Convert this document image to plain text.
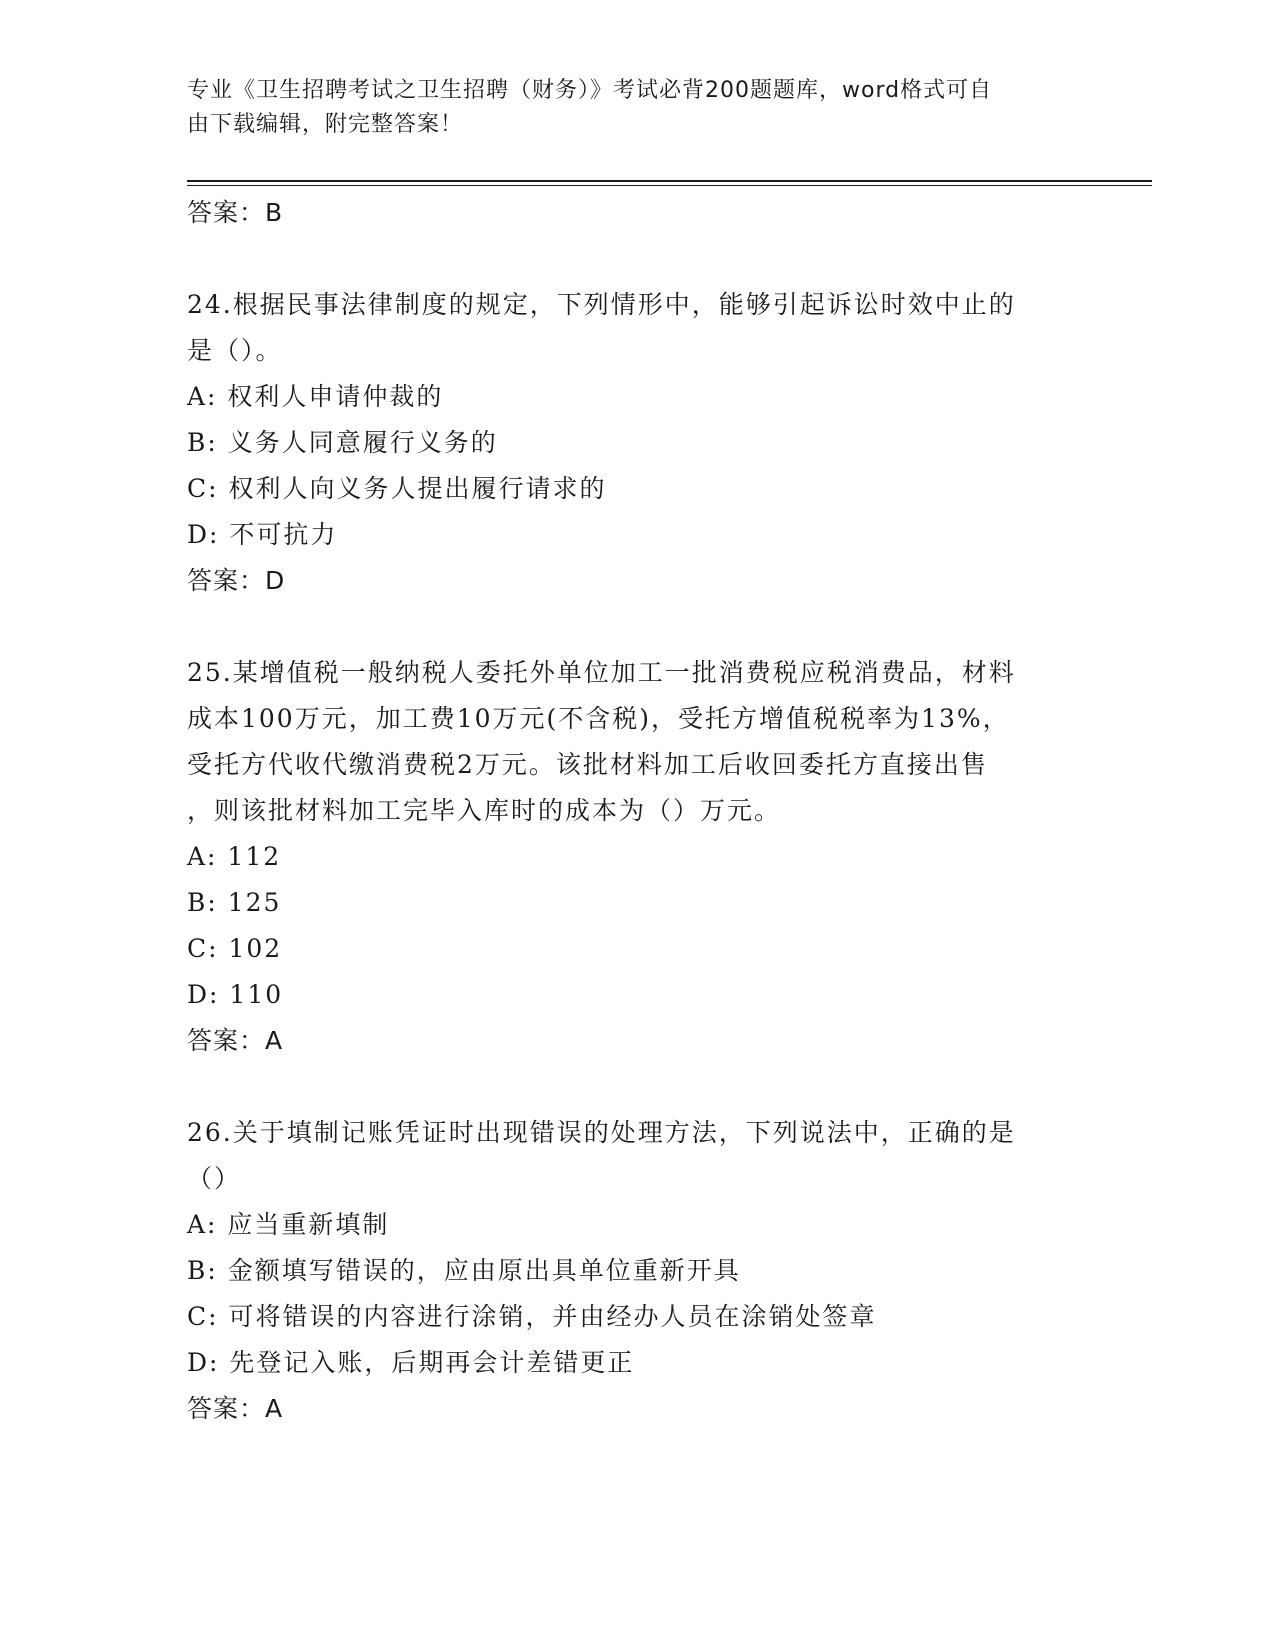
专业《卫生招聘考试之卫生招聘（财务）》考试必背200题题库，word格式可自
由下载编辑，附完整答案！
答案：B
24.根据民事法律制度的规定，下列情形中，能够引起诉讼时效中止的
是（）。
A: 权利人申请仲裁的
B: 义务人同意履行义务的
C: 权利人向义务人提出履行请求的
D: 不可抗力
答案：D
25.某增值税一般纳税人委托外单位加工一批消费税应税消费品，材料
成本100万元，加工费10万元(不含税)，受托方增值税税率为13%，
受托方代收代缴消费税2万元。该批材料加工后收回委托方直接出售
，则该批材料加工完毕入库时的成本为（）万元。
A: 112
B: 125
C: 102
D: 110
答案：A
26.关于填制记账凭证时出现错误的处理方法，下列说法中，正确的是
（）
A: 应当重新填制
B: 金额填写错误的，应由原出具单位重新开具
C: 可将错误的内容进行涂销，并由经办人员在涂销处签章
D: 先登记入账，后期再会计差错更正
答案：A
